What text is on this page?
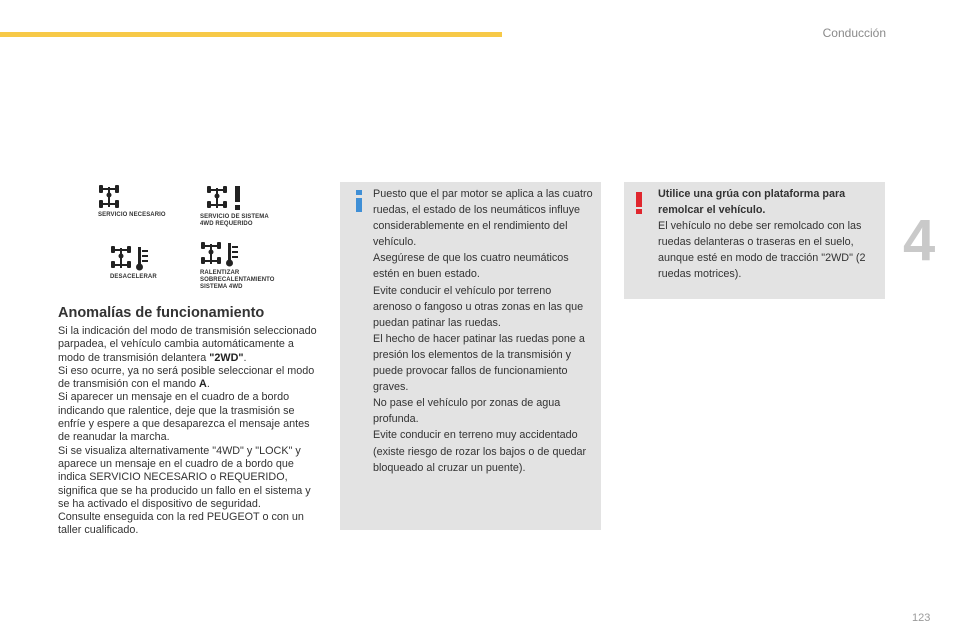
Conducción
4
123
SERVICIO NECESARIO	SERVICIO DE SISTEMA
4WD REQUERIDO
DESACELERAR
RALENTIZAR
SOBRECALENTAMIENTO
SISTEMA 4WD
Anomalías de funcionamiento

Si la indicación del modo de transmisión seleccionado parpadea, el vehículo cambia automáticamente a modo de transmisión delantera "2WD".

Si eso ocurre, ya no será posible seleccionar el modo de transmisión con el mando A.

Si aparecer un mensaje en el cuadro de a bordo indicando que ralentice, deje que la trasmisión se enfríe y espere a que desaparezca el mensaje antes de reanudar la marcha.

Si se visualiza alternativamente "4WD" y "LOCK" y aparece un mensaje en el cuadro de a bordo que indica SERVICIO NECESARIO o REQUERIDO, significa que se ha producido un fallo en el sistema y se ha activado el dispositivo de seguridad.

Consulte enseguida con la red PEUGEOT o con un taller cualificado.

Puesto que el par motor se aplica a las cuatro ruedas, el estado de los neumáticos influye considerablemente en el rendimiento del vehículo.

Asegúrese de que los cuatro neumáticos estén en buen estado.

Evite conducir el vehículo por terreno arenoso o fangoso u otras zonas en las que puedan patinar las ruedas.

El hecho de hacer patinar las ruedas pone a presión los elementos de la transmisión y puede provocar fallos de funcionamiento graves.

No pase el vehículo por zonas de agua profunda.

Evite conducir en terreno muy accidentado (existe riesgo de rozar los bajos o de quedar bloqueado al cruzar un puente).

Utilice una grúa con plataforma para remolcar el vehículo.

El vehículo no debe ser remolcado con las ruedas delanteras o traseras en el suelo, aunque esté en modo de tracción "2WD" (2 ruedas motrices).
